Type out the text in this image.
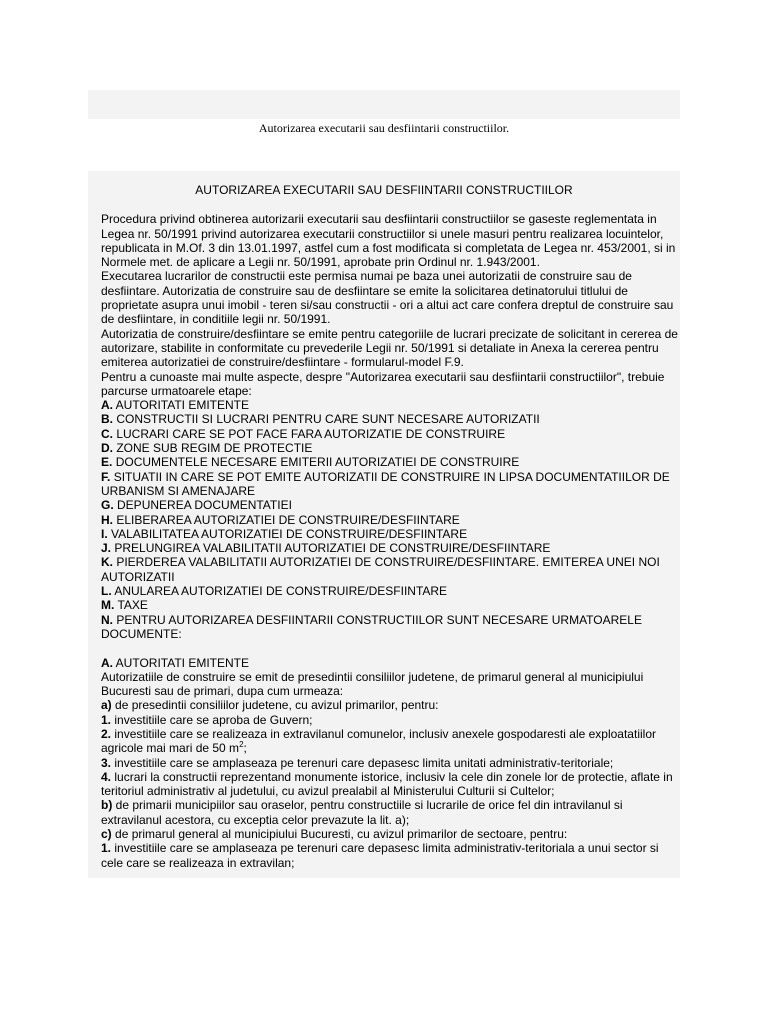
Autorizarea executarii sau desfiintarii constructiilor.
AUTORIZAREA EXECUTARII SAU DESFIINTARII CONSTRUCTIILOR

Procedura privind obtinerea autorizarii executarii sau desfiintarii constructiilor se gaseste reglementata in Legea nr. 50/1991 privind autorizarea executarii constructiilor si unele masuri pentru realizarea locuintelor, republicata in M.Of. 3 din 13.01.1997, astfel cum a fost modificata si completata de Legea nr. 453/2001, si in Normele met. de aplicare a Legii nr. 50/1991, aprobate prin Ordinul nr. 1.943/2001.

Executarea lucrarilor de constructii este permisa numai pe baza unei autorizatii de construire sau de desfiintare. Autorizatia de construire sau de desfiintare se emite la solicitarea detinatorului titlului de proprietate asupra unui imobil - teren si/sau constructii - ori a altui act care confera dreptul de construire sau de desfiintare, in conditiile legii nr. 50/1991.

Autorizatia de construire/desfiintare se emite pentru categoriile de lucrari precizate de solicitant in cererea de autorizare, stabilite in conformitate cu prevederile Legii nr. 50/1991 si detaliate in Anexa la cererea pentru emiterea autorizatiei de construire/desfiintare - formularul-model F.9.

Pentru a cunoaste mai multe aspecte, despre "Autorizarea executarii sau desfiintarii constructiilor", trebuie parcurse urmatoarele etape:

A. AUTORITATI EMITENTE

B. CONSTRUCTII SI LUCRARI PENTRU CARE SUNT NECESARE AUTORIZATII

C. LUCRARI CARE SE POT FACE FARA AUTORIZATIE DE CONSTRUIRE

D. ZONE SUB REGIM DE PROTECTIE

E. DOCUMENTELE NECESARE EMITERII AUTORIZATIEI DE CONSTRUIRE

F. SITUATII IN CARE SE POT EMITE AUTORIZATII DE CONSTRUIRE IN LIPSA DOCUMENTATIILOR DE URBANISM SI AMENAJARE

G. DEPUNEREA DOCUMENTATIEI

H. ELIBERAREA AUTORIZATIEI DE CONSTRUIRE/DESFIINTARE

I. VALABILITATEA AUTORIZATIEI DE CONSTRUIRE/DESFIINTARE

J. PRELUNGIREA VALABILITATII AUTORIZATIEI DE CONSTRUIRE/DESFIINTARE

K. PIERDEREA VALABILITATII AUTORIZATIEI DE CONSTRUIRE/DESFIINTARE. EMITEREA UNEI NOI AUTORIZATII

L. ANULAREA AUTORIZATIEI DE CONSTRUIRE/DESFIINTARE

M. TAXE

N. PENTRU AUTORIZAREA DESFIINTARII CONSTRUCTIILOR SUNT NECESARE URMATOARELE DOCUMENTE:

A. AUTORITATI EMITENTE

Autorizatiile de construire se emit de presedintii consiliilor judetene, de primarul general al municipiului Bucuresti sau de primari, dupa cum urmeaza:

a) de presedintii consiliilor judetene, cu avizul primarilor, pentru:

1. investitiile care se aproba de Guvern;

2. investitiile care se realizeaza in extravilanul comunelor, inclusiv anexele gospodaresti ale exploatatiilor agricole mai mari de 50 $m^2$;

3. investitiile care se amplaseaza pe terenuri care depasesc limita unitati administrativ-teritoriale;

4. lucrari la constructii reprezentand monumente istorice, inclusiv la cele din zonele lor de protectie, aflate in teritoriul administrativ al judetului, cu avizul prealabil al Ministerului Culturii si Cultelor;

b) de primarii municipiilor sau oraselor, pentru constructiile si lucrarile de orice fel din intravilanul si extravilanul acestora, cu exceptia celor prevazute la lit. a);

c) de primarul general al municipiului Bucuresti, cu avizul primarilor de sectoare, pentru:

1. investitiile care se amplaseaza pe terenuri care depasesc limita administrativ-teritoriala a unui sector si cele care se realizeaza in extravilan;
